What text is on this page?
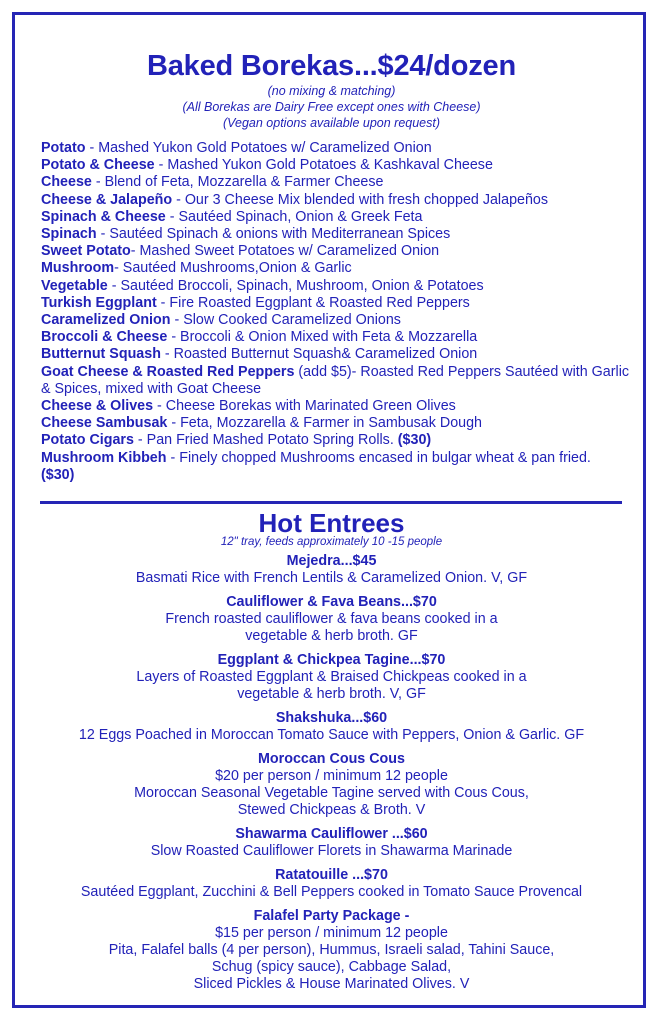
Baked Borekas...$24/dozen
(no mixing & matching)
(All Borekas are Dairy Free except ones with Cheese)
(Vegan options available upon request)
Potato - Mashed Yukon Gold Potatoes w/ Caramelized Onion
Potato & Cheese - Mashed Yukon Gold Potatoes & Kashkaval Cheese
Cheese - Blend of Feta, Mozzarella & Farmer Cheese
Cheese & Jalapeño - Our 3 Cheese Mix blended with fresh chopped Jalapeños
Spinach & Cheese - Sautéed Spinach, Onion & Greek Feta
Spinach - Sautéed Spinach & onions with Mediterranean Spices
Sweet Potato- Mashed Sweet Potatoes w/ Caramelized Onion
Mushroom- Sautéed Mushrooms,Onion & Garlic
Vegetable - Sautéed Broccoli, Spinach, Mushroom, Onion & Potatoes
Turkish Eggplant - Fire Roasted Eggplant & Roasted Red Peppers
Caramelized Onion - Slow Cooked Caramelized Onions
Broccoli & Cheese - Broccoli & Onion Mixed with Feta & Mozzarella
Butternut Squash - Roasted Butternut Squash& Caramelized Onion
Goat Cheese & Roasted Red Peppers (add $5)- Roasted Red Peppers Sautéed with Garlic & Spices, mixed with Goat Cheese
Cheese & Olives - Cheese Borekas with Marinated Green Olives
Cheese Sambusak - Feta, Mozzarella & Farmer in Sambusak Dough
Potato Cigars - Pan Fried Mashed Potato Spring Rolls. ($30)
Mushroom Kibbeh - Finely chopped Mushrooms encased in bulgar wheat & pan fried. ($30)
Hot Entrees
12" tray, feeds approximately 10 -15 people
Mejedra...$45
Basmati Rice with French Lentils & Caramelized Onion. V, GF
Cauliflower & Fava Beans...$70
French roasted cauliflower & fava beans cooked in a
vegetable & herb broth. GF
Eggplant & Chickpea Tagine...$70
Layers of Roasted Eggplant & Braised Chickpeas cooked in a
vegetable & herb broth. V, GF
Shakshuka...$60
12 Eggs Poached in Moroccan Tomato Sauce with Peppers, Onion & Garlic. GF
Moroccan Cous Cous
$20 per person / minimum 12 people
Moroccan Seasonal Vegetable Tagine served with Cous Cous,
Stewed Chickpeas & Broth. V
Shawarma Cauliflower ...$60
Slow Roasted Cauliflower Florets in Shawarma Marinade
Ratatouille ...$70
Sautéed Eggplant, Zucchini & Bell Peppers cooked in Tomato Sauce Provencal
Falafel Party Package -
$15 per person / minimum 12 people
Pita, Falafel balls (4 per person), Hummus, Israeli salad, Tahini Sauce,
Schug (spicy sauce), Cabbage Salad,
Sliced Pickles & House Marinated Olives. V
